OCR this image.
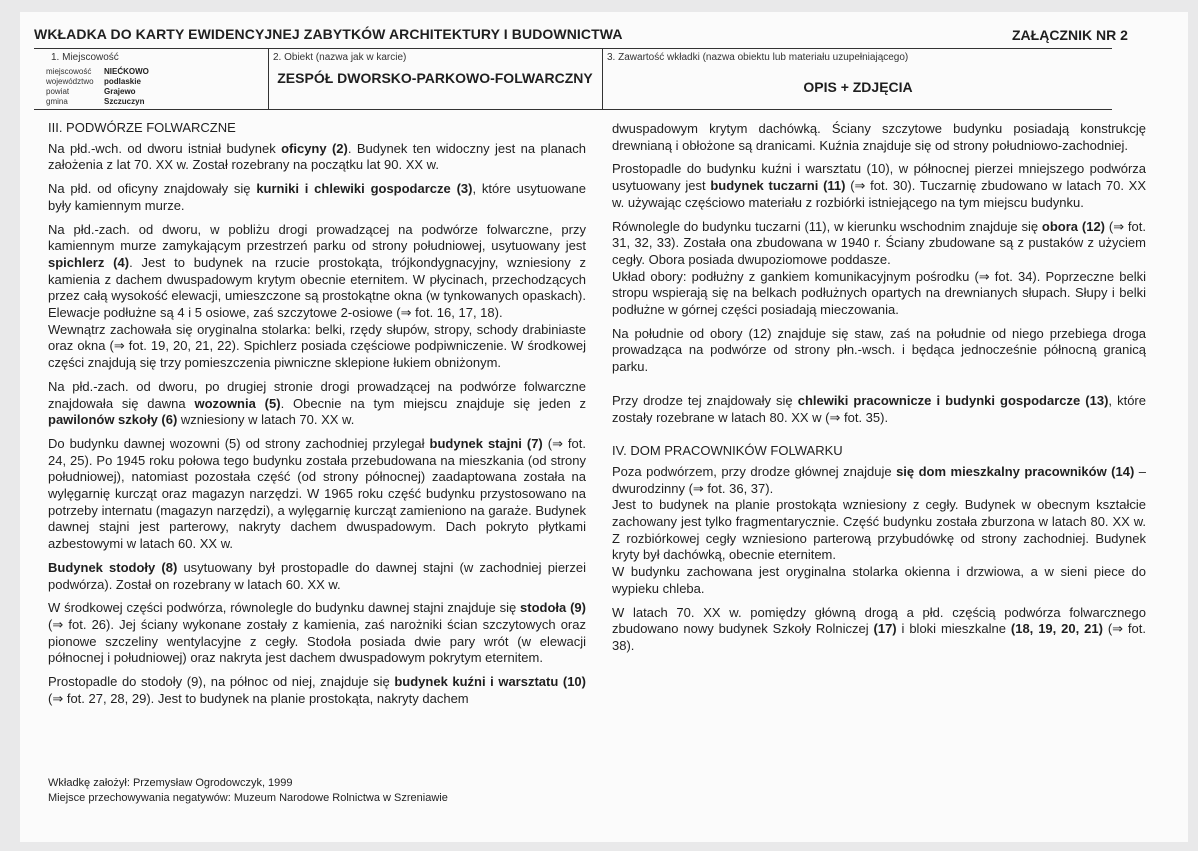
WKŁADKA DO KARTY EWIDENCYJNEJ ZABYTKÓW ARCHITEKTURY I BUDOWNICTWA	ZAŁĄCZNIK NR 2
1. Miejscowość
miejscowość NIEĆKOWO
województwo podlaskie
powiat	Grajewo
gmina	Szczuczyn
2. Obiekt (nazwa jak w karcie)
ZESPÓŁ DWORSKO-PARKOWO-FOLWARCZNY
3. Zawartość wkładki (nazwa obiektu lub materiału uzupełniającego)
OPIS + ZDJĘCIA
III. PODWÓRZE FOLWARCZNE

Na płd.-wch. od dworu istniał budynek oficyny (2). Budynek ten widoczny jest na planach założenia z lat 70. XX w. Został rozebrany na początku lat 90. XX w.

Na płd. od oficyny znajdowały się kurniki i chlewiki gospodarcze (3), które usytuowane były kamiennym murze.

Na płd.-zach. od dworu, w pobliżu drogi prowadzącej na podwórze folwarczne, przy kamiennym murze zamykającym przestrzeń parku od strony południowej, usytuowany jest spichlerz (4). Jest to budynek na rzucie prostokąta, trójkondygnacyjny, wzniesiony z kamienia z dachem dwuspadowym krytym obecnie eternitem. W płycinach, przechodzących przez całą wysokość elewacji, umieszczone są prostokątne okna (w tynkowanych opaskach). Elewacje podłużne są 4 i 5 osiowe, zaś szczytowe 2-osiowe (⇒ fot. 16, 17, 18).

Wewnątrz zachowała się oryginalna stolarka: belki, rzędy słupów, stropy, schody drabiniaste oraz okna (⇒ fot. 19, 20, 21, 22). Spichlerz posiada częściowe podpiwniczenie. W środkowej części znajdują się trzy pomieszczenia piwniczne sklepione łukiem obniżonym.

Na płd.-zach. od dworu, po drugiej stronie drogi prowadzącej na podwórze folwarczne znajdowała się dawna wozownia (5). Obecnie na tym miejscu znajduje się jeden z pawilonów szkoły (6) wzniesiony w latach 70. XX w.

Do budynku dawnej wozowni (5) od strony zachodniej przylegał budynek stajni (7) (⇒ fot. 24, 25). Po 1945 roku połowa tego budynku została przebudowana na mieszkania (od strony południowej), natomiast pozostała część (od strony północnej) zaadaptowana została na wylęgarnię kurcząt oraz magazyn narzędzi. W 1965 roku część budynku przystosowano na potrzeby internatu (magazyn narzędzi), a wylęgarnię kurcząt zamieniono na garaże. Budynek dawnej stajni jest parterowy, nakryty dachem dwuspadowym. Dach pokryto płytkami azbestowymi w latach 60. XX w.

Budynek stodoły (8) usytuowany był prostopadle do dawnej stajni (w zachodniej pierzei podwórza). Został on rozebrany w latach 60. XX w.

W środkowej części podwórza, równolegle do budynku dawnej stajni znajduje się stodoła (9) (⇒ fot. 26). Jej ściany wykonane zostały z kamienia, zaś narożniki ścian szczytowych oraz pionowe szczeliny wentylacyjne z cegły. Stodoła posiada dwie pary wrót (w elewacji północnej i południowej) oraz nakryta jest dachem dwuspadowym pokrytym eternitem.

Prostopadle do stodoły (9), na północ od niej, znajduje się budynek kuźni i warsztatu (10) (⇒ fot. 27, 28, 29). Jest to budynek na planie prostokąta, nakryty dachem

dwuspadowym krytym dachówką. Ściany szczytowe budynku posiadają konstrukcję drewnianą i obłożone są dranicami. Kuźnia znajduje się od strony południowo-zachodniej.

Prostopadle do budynku kuźni i warsztatu (10), w północnej pierzei mniejszego podwórza usytuowany jest budynek tuczarni (11) (⇒ fot. 30). Tuczarnię zbudowano w latach 70. XX w. używając częściowo materiału z rozbiórki istniejącego na tym miejscu budynku.

Równolegle do budynku tuczarni (11), w kierunku wschodnim znajduje się obora (12) (⇒ fot. 31, 32, 33). Została ona zbudowana w 1940 r. Ściany zbudowane są z pustaków z użyciem cegły. Obora posiada dwupoziomowe poddasze.

Układ obory: podłużny z gankiem komunikacyjnym pośrodku (⇒ fot. 34). Poprzeczne belki stropu wspierają się na belkach podłużnych opartych na drewnianych słupach. Słupy i belki podłużne w górnej części posiadają mieczowania.

Na południe od obory (12) znajduje się staw, zaś na południe od niego przebiega droga prowadząca na podwórze od strony płn.-wsch. i będąca jednocześnie północną granicą parku.

Przy drodze tej znajdowały się chlewiki pracownicze i budynki gospodarcze (13), które zostały rozebrane w latach 80. XX w (⇒ fot. 35).

IV. DOM PRACOWNIKÓW FOLWARKU

Poza podwórzem, przy drodze głównej znajduje się dom mieszkalny pracowników (14) – dwurodzinny (⇒ fot. 36, 37).

Jest to budynek na planie prostokąta wzniesiony z cegły. Budynek w obecnym kształcie zachowany jest tylko fragmentarycznie. Część budynku została zburzona w latach 80. XX w. Z rozbiórkowej cegły wzniesiono parterową przybudówkę od strony zachodniej. Budynek kryty był dachówką, obecnie eternitem.

W budynku zachowana jest oryginalna stolarka okienna i drzwiowa, a w sieni piece do wypieku chleba.

W latach 70. XX w. pomiędzy główną drogą a płd. częścią podwórza folwarcznego zbudowano nowy budynek Szkoły Rolniczej (17) i bloki mieszkalne (18, 19, 20, 21) (⇒ fot. 38).

Wkładkę założył: Przemysław Ogrodowczyk, 1999
Miejsce przechowywania negatywów: Muzeum Narodowe Rolnictwa w Szreniawie
